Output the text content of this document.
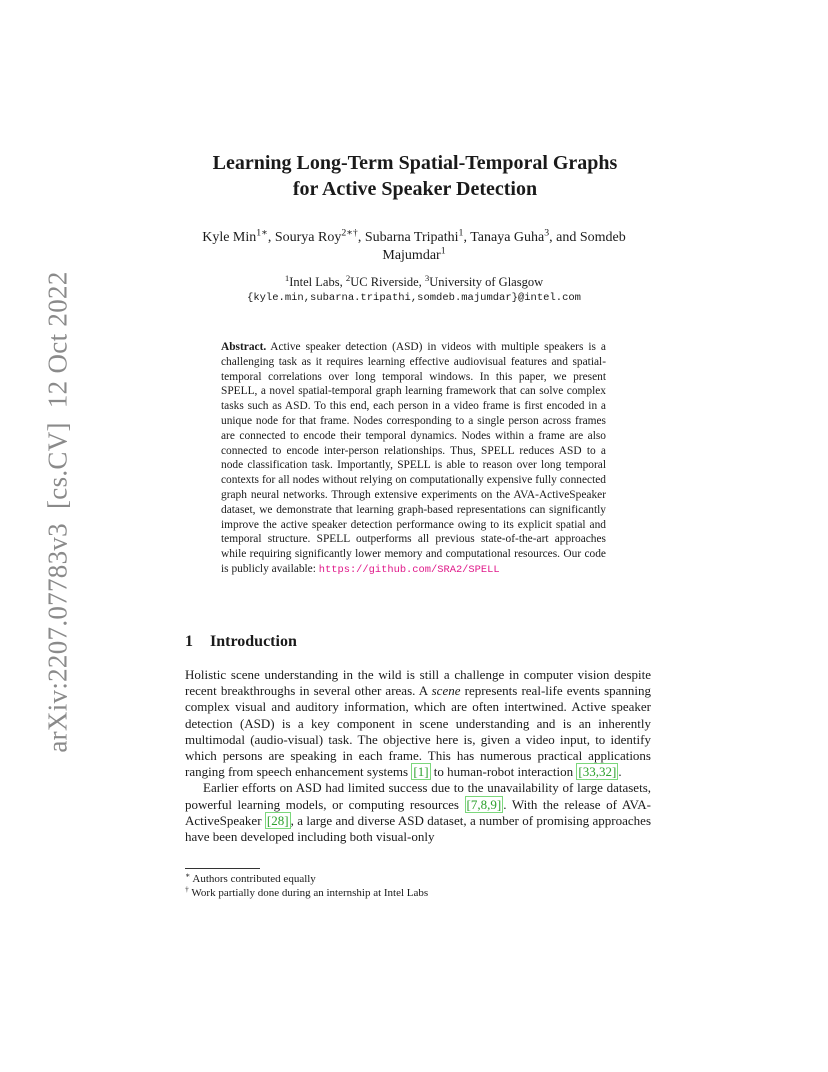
arXiv:2207.07783v3[cs.CV]12 Oct 2022
Learning Long-Term Spatial-Temporal Graphs
for Active Speaker Detection
Kyle Min$^{1∗}$, Sourya Roy$^{2∗\dagger}$, Subarna Tripathi$^1$, Tanaya Guha$^3$, and Somdeb Majumdar$^1$
$^1$Intel Labs, $^2$UC Riverside, $^3$University of Glasgow
{kyle.min,subarna.tripathi,somdeb.majumdar}@intel.com
Abstract. Active speaker detection (ASD) in videos with multiple speakers is a challenging task as it requires learning effective audiovisual features and spatial-temporal correlations over long temporal windows. In this paper, we present SPELL, a novel spatial-temporal graph learning framework that can solve complex tasks such as ASD. To this end, each person in a video frame is first encoded in a unique node for that frame. Nodes corresponding to a single person across frames are connected to encode their temporal dynamics. Nodes within a frame are also connected to encode inter-person relationships. Thus, SPELL reduces ASD to a node classification task. Importantly, SPELL is able to reason over long temporal contexts for all nodes without relying on computationally expensive fully connected graph neural networks. Through extensive experiments on the AVA-ActiveSpeaker dataset, we demonstrate that learning graph-based representations can significantly improve the active speaker detection performance owing to its explicit spatial and temporal structure. SPELL outperforms all previous state-of-the-art approaches while requiring significantly lower memory and computational resources. Our code is publicly available: https://github.com/SRA2/SPELL
1 Introduction

Holistic scene understanding in the wild is still a challenge in computer vision despite recent breakthroughs in several other areas. A scene represents real-life events spanning complex visual and auditory information, which are often intertwined. Active speaker detection (ASD) is a key component in scene understanding and is an inherently multimodal (audio-visual) task. The objective here is, given a video input, to identify which persons are speaking in each frame. This has numerous practical applications ranging from speech enhancement systems [1] to human-robot interaction [33,32] .

Earlier efforts on ASD had limited success due to the unavailability of large datasets, powerful learning models, or computing resources [7,8,9] . With the release of AVA-ActiveSpeaker [28] , a large and diverse ASD dataset, a number of promising approaches have been developed including both visual-only

∗ Authors contributed equally
† Work partially done during an internship at Intel Labs
